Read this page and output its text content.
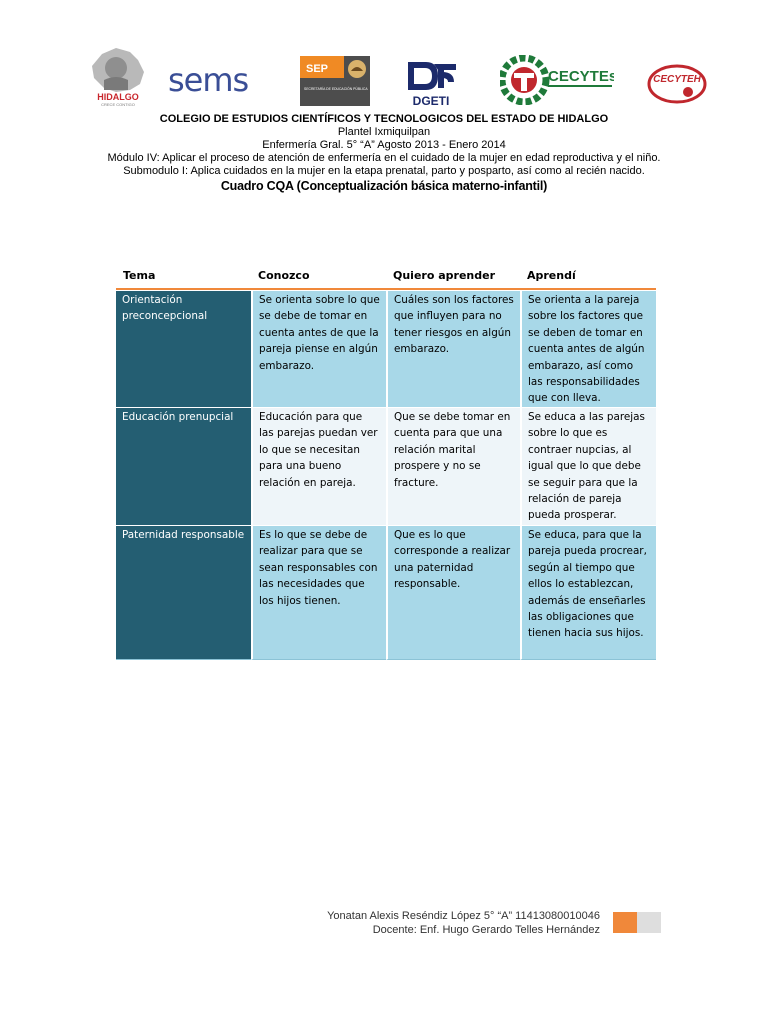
HIDALGO
CRECE CONTIGO
sems	SEP
SECRETARÍA DE EDUCACIÓN PÚBLICA
DGETI
CECYTEs	CECYTEH
COLEGIO DE ESTUDIOS CIENTÍFICOS Y TECNOLOGICOS DEL ESTADO DE HIDALGO
Plantel Ixmiquilpan
Enfermería Gral. 5° “A” Agosto 2013 - Enero 2014
Módulo IV: Aplicar el proceso de atención de enfermería en el cuidado de la mujer en edad reproductiva y el niño.
Submodulo I: Aplica cuidados en la mujer en la etapa prenatal, parto y posparto, así como al recién nacido.
Cuadro CQA (Conceptualización básica materno-infantil)
Tema	Conozco	Quiero aprender	Aprendí
Orientación preconcepcional	Se orienta sobre lo que se debe de tomar en cuenta antes de que la pareja piense en algún embarazo.	Cuáles son los factores que influyen para no tener riesgos en algún embarazo.	Se orienta a la pareja sobre los factores que se deben de tomar en cuenta antes de algún embarazo, así como las responsabilidades que con lleva.
Educación prenupcial	Educación para que las parejas puedan ver lo que se necesitan para una bueno relación en pareja.	Que se debe tomar en cuenta para que una relación marital prospere y no se fracture.	Se educa a las parejas sobre lo que es contraer nupcias, al igual que lo que debe se seguir para que la relación de pareja pueda prosperar.
Paternidad responsable	Es lo que se debe de realizar para que se sean responsables con las necesidades que los hijos tienen.	Que es lo que corresponde a realizar una paternidad responsable.	Se educa, para que la pareja pueda procrear, según al tiempo que ellos lo establezcan, además de enseñarles las obligaciones que tienen hacia sus hijos.
Yonatan Alexis Reséndiz López 5° “A” 11413080010046
Docente: Enf. Hugo Gerardo Telles Hernández
